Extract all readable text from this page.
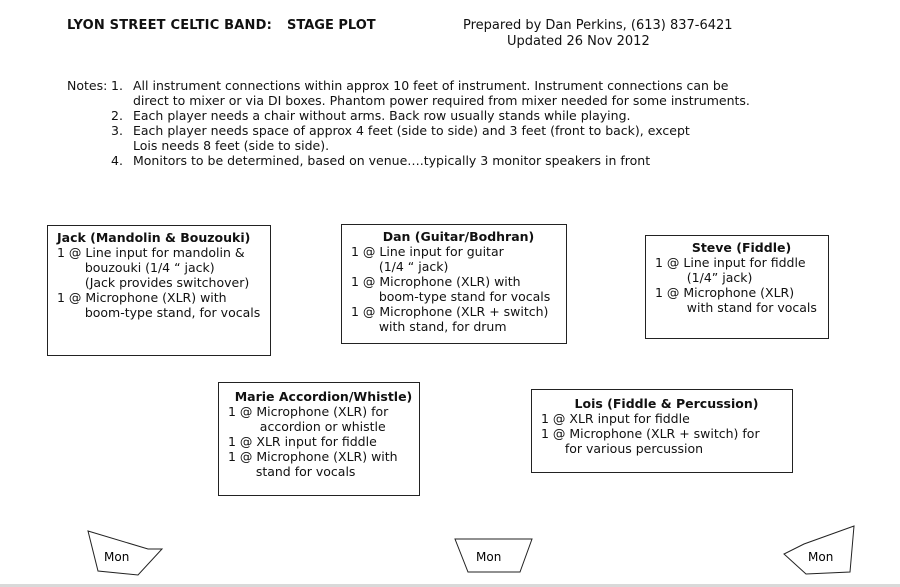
LYON STREET CELTIC BAND: STAGE PLOT	Prepared by Dan Perkins, (613) 837-6421
Updated 26 Nov 2012
Notes: 1. All instrument connections within approx 10 feet of instrument. Instrument connections can be
direct to mixer or via DI boxes. Phantom power required from mixer needed for some instruments.
2. Each player needs a chair without arms. Back row usually stands while playing.
3. Each player needs space of approx 4 feet (side to side) and 3 feet (front to back), except
Lois needs 8 feet (side to side).
4. Monitors to be determined, based on venue….typically 3 monitor speakers in front
Jack (Mandolin & Bouzouki)
1 @ Line input for mandolin &
bouzouki (1/4 “ jack)
(Jack provides switchover)
1 @ Microphone (XLR) with
boom-type stand, for vocals
Dan (Guitar/Bodhran)
1 @ Line input for guitar
(1/4 “ jack)
1 @ Microphone (XLR) with
boom-type stand for vocals
1 @ Microphone (XLR + switch)
with stand, for drum
Steve (Fiddle)
1 @ Line input for fiddle
(1/4” jack)
1 @ Microphone (XLR)
with stand for vocals
Marie Accordion/Whistle)
1 @ Microphone (XLR) for
accordion or whistle
1 @ XLR input for fiddle
1 @ Microphone (XLR) with
stand for vocals
Lois (Fiddle & Percussion)
1 @ XLR input for fiddle
1 @ Microphone (XLR + switch) for
for various percussion
Mon	Mon	Mon
